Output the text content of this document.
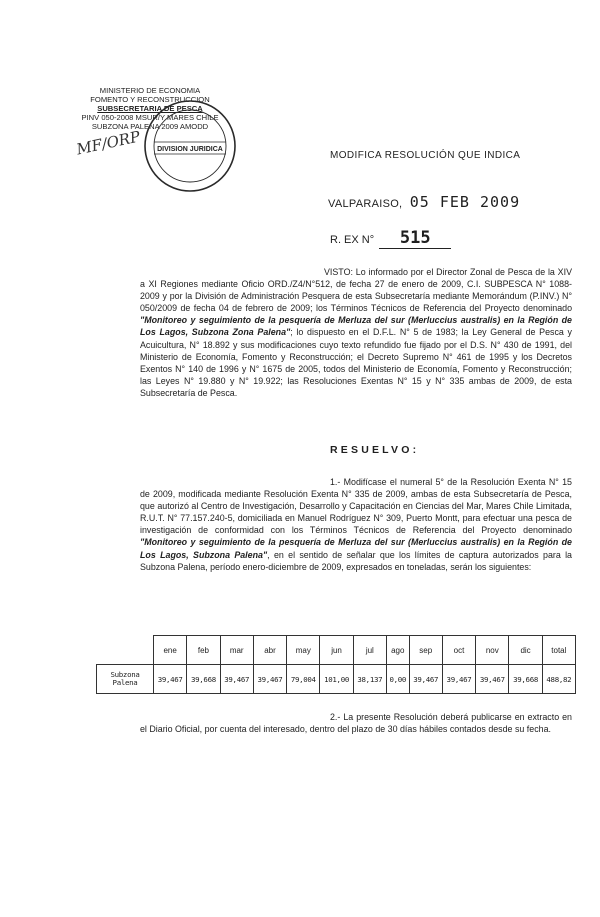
MINISTERIO DE ECONOMIA
FOMENTO Y RECONSTRUCCION
SUBSECRETARIA DE PESCA
PINV 050-2008 MSUR/Y MARES CHILE
SUBZONA PALENA 2009 AMODD
DIVISION JURIDICA
MF/ORP	MODIFICA RESOLUCIÓN QUE INDICA
VALPARAISO, 05 FEB 2009
R. EX N° 515
VISTO: Lo informado por el Director Zonal de Pesca de la XIV a XI Regiones mediante Oficio ORD./Z4/N°512, de fecha 27 de enero de 2009, C.I. SUBPESCA N° 1088-2009 y por la División de Administración Pesquera de esta Subsecretaría mediante Memorándum (P.INV.) N° 050/2009 de fecha 04 de febrero de 2009; los Términos Técnicos de Referencia del Proyecto denominado "Monitoreo y seguimiento de la pesquería de Merluza del sur (Merluccius australis) en la Región de Los Lagos, Subzona Zona Palena"; lo dispuesto en el D.F.L. N° 5 de 1983; la Ley General de Pesca y Acuicultura, N° 18.892 y sus modificaciones cuyo texto refundido fue fijado por el D.S. N° 430 de 1991, del Ministerio de Economía, Fomento y Reconstrucción; el Decreto Supremo N° 461 de 1995 y los Decretos Exentos N° 140 de 1996 y N° 1675 de 2005, todos del Ministerio de Economía, Fomento y Reconstrucción; las Leyes N° 19.880 y N° 19.922; las Resoluciones Exentas N° 15 y N° 335 ambas de 2009, de esta Subsecretaría de Pesca.
RESUELVO:
1.- Modifícase el numeral 5° de la Resolución Exenta N° 15 de 2009, modificada mediante Resolución Exenta N° 335 de 2009, ambas de esta Subsecretaría de Pesca, que autorizó al Centro de Investigación, Desarrollo y Capacitación en Ciencias del Mar, Mares Chile Limitada, R.U.T. N° 77.157.240-5, domiciliada en Manuel Rodríguez N° 309, Puerto Montt, para efectuar una pesca de investigación de conformidad con los Términos Técnicos de Referencia del Proyecto denominado "Monitoreo y seguimiento de la pesquería de Merluza del sur (Merluccius australis) en la Región de Los Lagos, Subzona Palena", en el sentido de señalar que los límites de captura autorizados para la Subzona Palena, período enero-diciembre de 2009, expresados en toneladas, serán los siguientes:
	ene	feb	mar	abr	may	jun	jul	ago	sep	oct	nov	dic	total
Subzona Palena	39,467	39,668	39,467	39,467	79,004	101,00	38,137	0,00	39,467	39,467	39,467	39,668	488,82
2.- La presente Resolución deberá publicarse en extracto en el Diario Oficial, por cuenta del interesado, dentro del plazo de 30 días hábiles contados desde su fecha.
